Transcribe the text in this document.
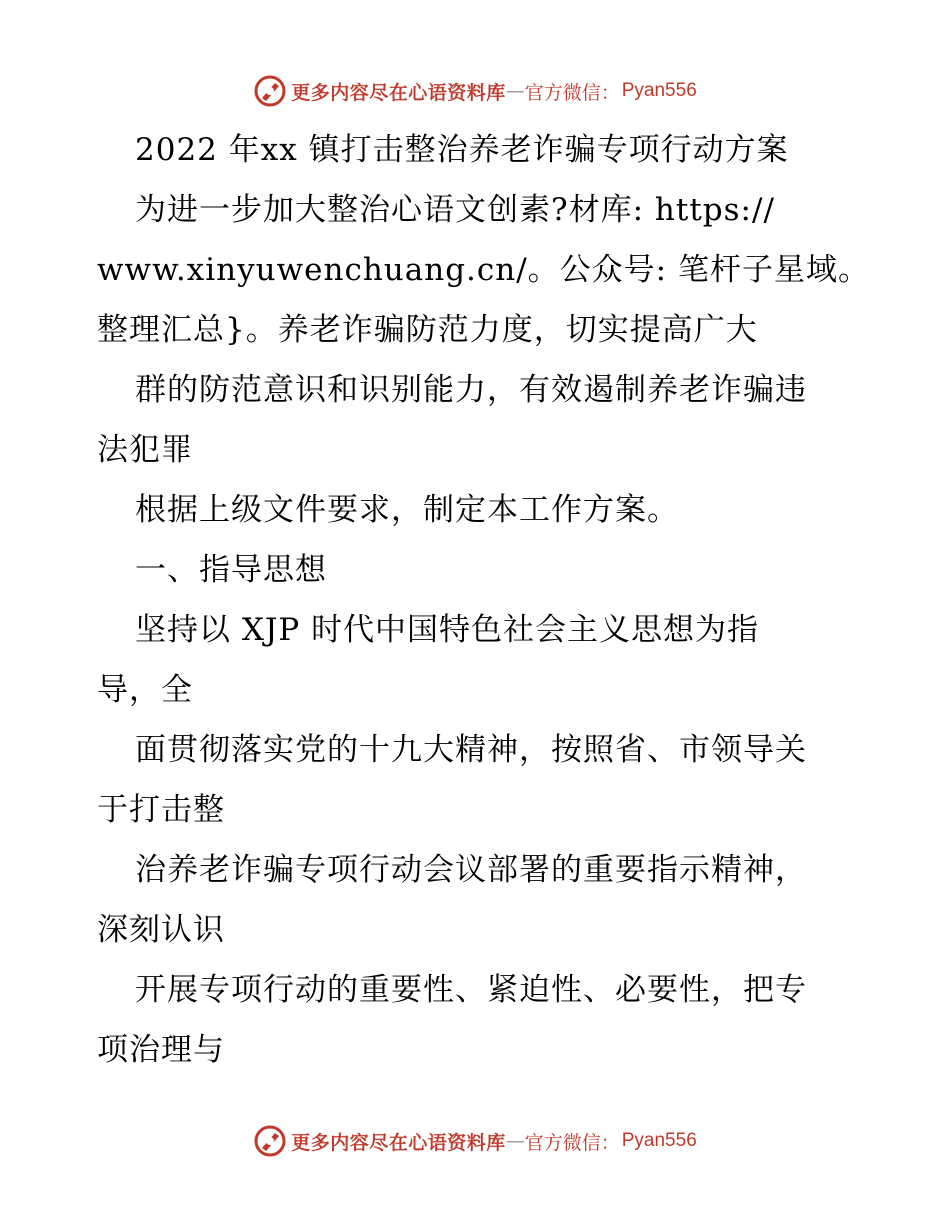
更多内容尽在心语资料库 — 官方微信： Pyan556
2022 年xx 镇打击整治养老诈骗专项行动方案
为进一步加大整治心语文创素?材库: https://
www.xinyuwenchuang.cn/。公众号: 笔杆子星域。
整理汇总}。养老诈骗防范力度，切实提高广大
群的防范意识和识别能力，有效遏制养老诈骗违
法犯罪
根据上级文件要求，制定本工作方案。
一、指导思想
坚持以 XJP 时代中国特色社会主义思想为指
导，全
面贯彻落实党的十九大精神，按照省、市领导关
于打击整
治养老诈骗专项行动会议部署的重要指示精神，
深刻认识
开展专项行动的重要性、紧迫性、必要性，把专
项治理与
更多内容尽在心语资料库 — 官方微信： Pyan556
